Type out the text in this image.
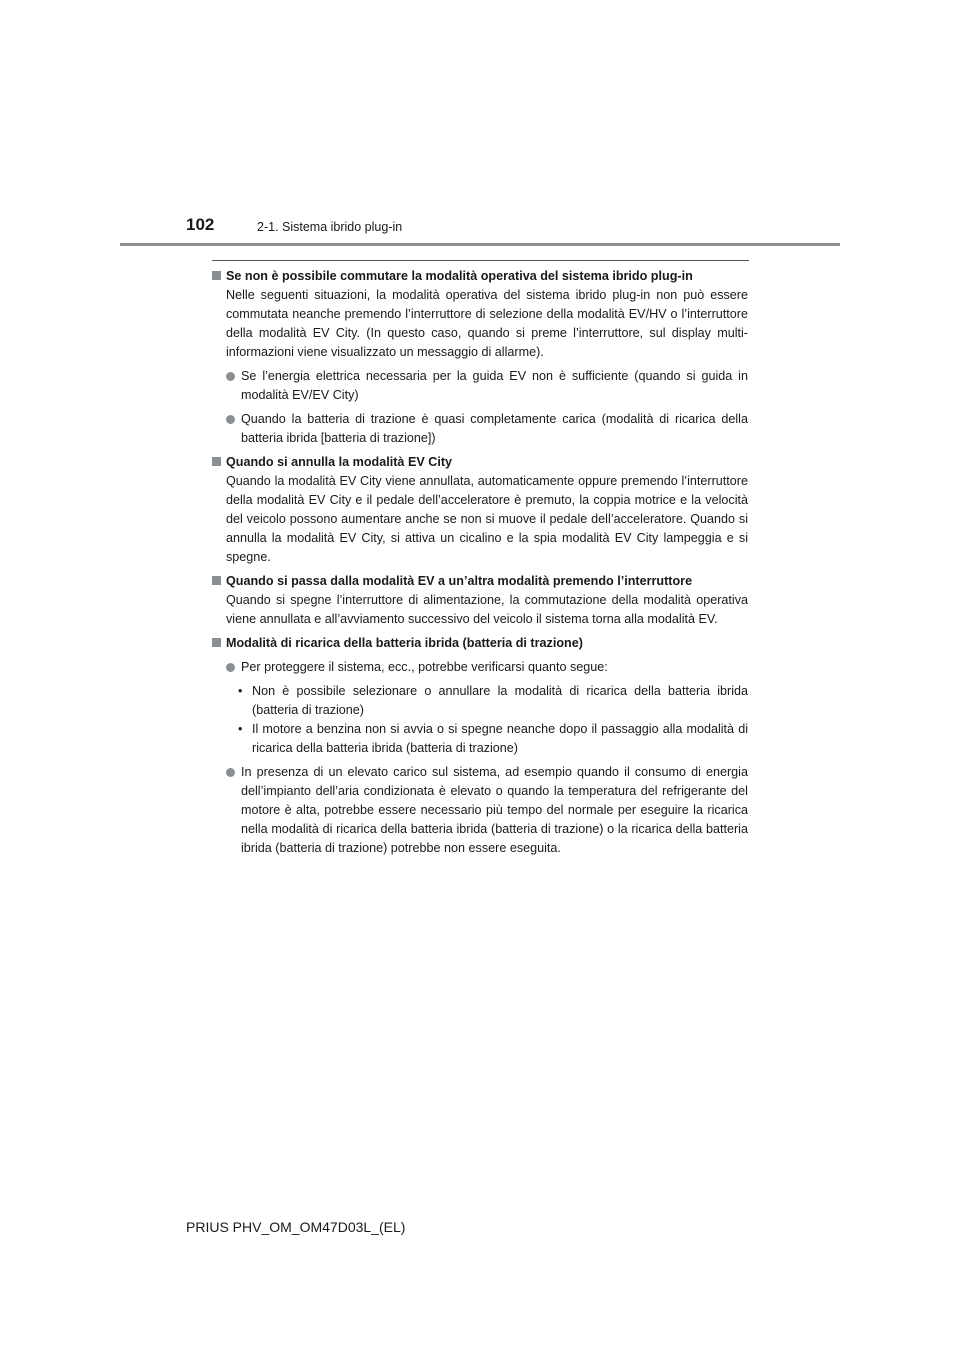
102	2-1. Sistema ibrido plug-in
Se non è possibile commutare la modalità operativa del sistema ibrido plug-in
Nelle seguenti situazioni, la modalità operativa del sistema ibrido plug-in non può essere commutata neanche premendo l’interruttore di selezione della modalità EV/HV o l’interruttore della modalità EV City. (In questo caso, quando si preme l’interruttore, sul display multi-informazioni viene visualizzato un messaggio di allarme).
Se l’energia elettrica necessaria per la guida EV non è sufficiente (quando si guida in modalità EV/EV City)
Quando la batteria di trazione è quasi completamente carica (modalità di ricarica della batteria ibrida [batteria di trazione])
Quando si annulla la modalità EV City
Quando la modalità EV City viene annullata, automaticamente oppure premendo l’interruttore della modalità EV City e il pedale dell’acceleratore è premuto, la coppia motrice e la velocità del veicolo possono aumentare anche se non si muove il pedale dell’acceleratore. Quando si annulla la modalità EV City, si attiva un cicalino e la spia modalità EV City lampeggia e si spegne.
Quando si passa dalla modalità EV a un’altra modalità premendo l’interruttore
Quando si spegne l’interruttore di alimentazione, la commutazione della modalità operativa viene annullata e all’avviamento successivo del veicolo il sistema torna alla modalità EV.
Modalità di ricarica della batteria ibrida (batteria di trazione)
Per proteggere il sistema, ecc., potrebbe verificarsi quanto segue:
• Non è possibile selezionare o annullare la modalità di ricarica della batteria ibrida (batteria di trazione)
• Il motore a benzina non si avvia o si spegne neanche dopo il passaggio alla modalità di ricarica della batteria ibrida (batteria di trazione)
In presenza di un elevato carico sul sistema, ad esempio quando il consumo di energia dell’impianto dell’aria condizionata è elevato o quando la temperatura del refrigerante del motore è alta, potrebbe essere necessario più tempo del normale per eseguire la ricarica nella modalità di ricarica della batteria ibrida (batteria di trazione) o la ricarica della batteria ibrida (batteria di trazione) potrebbe non essere eseguita.
PRIUS PHV_OM_OM47D03L_(EL)
